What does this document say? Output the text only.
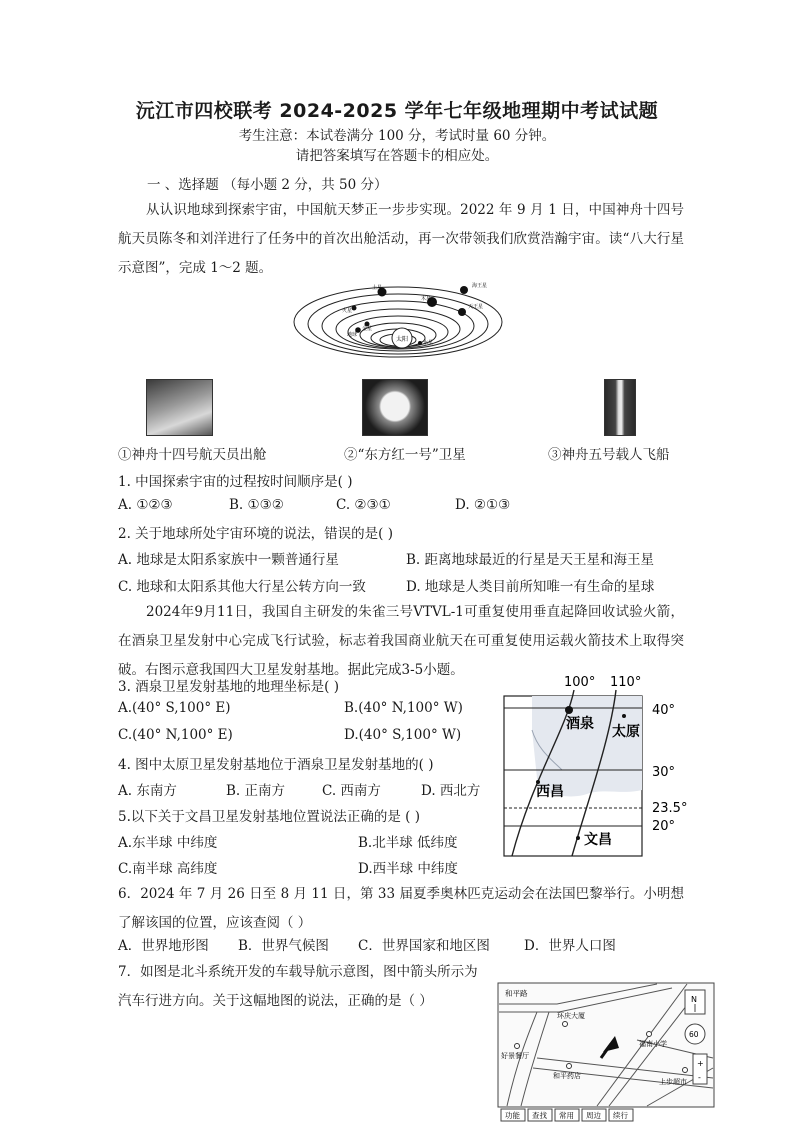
沅江市四校联考 2024-2025 学年七年级地理期中考试试题
考生注意：本试卷满分 100 分，考试时量 60 分钟。
请把答案填写在答题卡的相应处。
一 、选择题 （每小题 2 分，共 50 分）
从认识地球到探索宇宙，中国航天梦正一步步实现。2022 年 9 月 1 日，中国神舟十四号航天员陈冬和刘洋进行了任务中的首次出舱活动，再一次带领我们欣赏浩瀚宇宙。读“八大行星示意图”，完成 1～2 题。
太阳	水星
金星
地球
火星
木星
土星
天王星
海王星
①神舟十四号航天员出舱	②“东方红一号”卫星	③神舟五号载人飞船
1. 中国探索宇宙的过程按时间顺序是( )
A. ①②③	B. ①③②	C. ②③①	D. ②①③
2. 关于地球所处宇宙环境的说法，错误的是( )
A. 地球是太阳系家族中一颗普通行星	B. 距离地球最近的行星是天王星和海王星
C. 地球和太阳系其他大行星公转方向一致	D. 地球是人类目前所知唯一有生命的星球
2024年9月11日，我国自主研发的朱雀三号VTVL-1可重复使用垂直起降回收试验火箭，在酒泉卫星发射中心完成飞行试验，标志着我国商业航天在可重复使用运载火箭技术上取得突破。右图示意我国四大卫星发射基地。据此完成3-5小题。
3. 酒泉卫星发射基地的地理坐标是( )
A.(40° S,100° E)	B.(40° N,100° W)
C.(40° N,100° E)	D.(40° S,100° W)
4. 图中太原卫星发射基地位于酒泉卫星发射基地的( )
A. 东南方	B. 正南方	C. 西南方	D. 西北方
5.以下关于文昌卫星发射基地位置说法正确的是 ( )
A.东半球 中纬度	B.北半球 低纬度
C.南半球 高纬度	D.西半球 中纬度
100° 110°
40°
30°
23.5°
20°
酒泉 太原
西昌
文昌
6．2024 年 7 月 26 日至 8 月 11 日，第 33 届夏季奥林匹克运动会在法国巴黎举行。小明想了解该国的位置，应该查阅（ ）
A．世界地形图 B．世界气候图 C．世界国家和地区图	D．世界人口图
7．如图是北斗系统开发的车载导航示意图，图中箭头所示为汽车行进方向。关于这幅地图的说法，正确的是（ ）	和平路
环庆大厦
好景餐厅
和平药店
福南小学
上步超市
N
60
+
-
功能 查找 常用 周边 续行
